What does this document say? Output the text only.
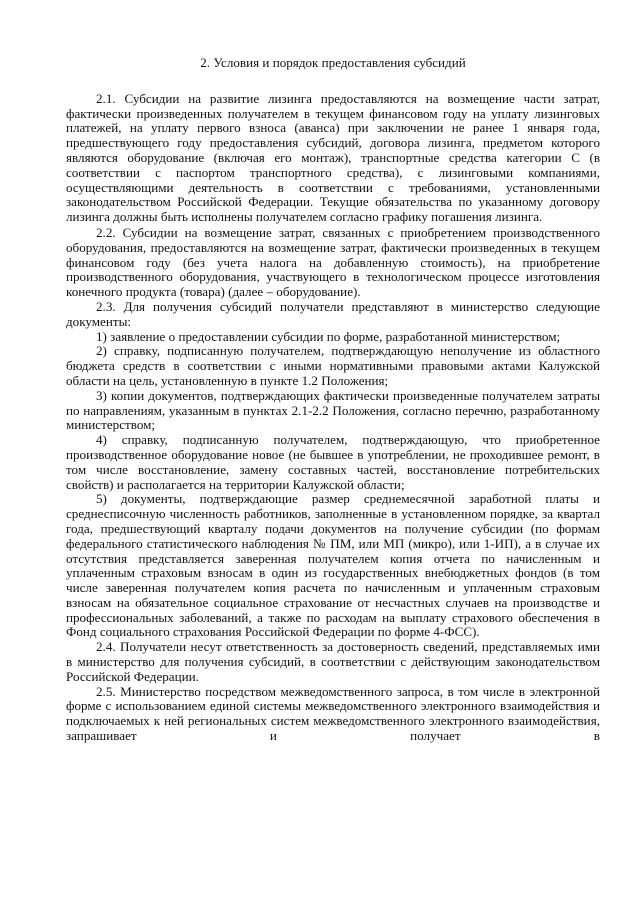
2. Условия и порядок предоставления субсидий

2.1. Субсидии на развитие лизинга предоставляются на возмещение части затрат, фактически произведенных получателем в текущем финансовом году на уплату лизинговых платежей, на уплату первого взноса (аванса) при заключении не ранее 1 января года, предшествующего году предоставления субсидий, договора лизинга, предметом которого являются оборудование (включая его монтаж), транспортные средства категории С (в соответствии с паспортом транспортного средства), с лизинговыми компаниями, осуществляющими деятельность в соответствии с требованиями, установленными законодательством Российской Федерации. Текущие обязательства по указанному договору лизинга должны быть исполнены получателем согласно графику погашения лизинга.

2.2. Субсидии на возмещение затрат, связанных с приобретением производственного оборудования, предоставляются на возмещение затрат, фактически произведенных в текущем финансовом году (без учета налога на добавленную стоимость), на приобретение производственного оборудования, участвующего в технологическом процессе изготовления конечного продукта (товара) (далее – оборудование).

2.3. Для получения субсидий получатели представляют в министерство следующие документы:

1) заявление о предоставлении субсидии по форме, разработанной министерством;

2) справку, подписанную получателем, подтверждающую неполучение из областного бюджета средств в соответствии с иными нормативными правовыми актами Калужской области на цель, установленную в пункте 1.2 Положения;

3) копии документов, подтверждающих фактически произведенные получателем затраты по направлениям, указанным в пунктах 2.1-2.2 Положения, согласно перечню, разработанному министерством;

4) справку, подписанную получателем, подтверждающую, что приобретенное производственное оборудование новое (не бывшее в употреблении, не проходившее ремонт, в том числе восстановление, замену составных частей, восстановление потребительских свойств) и располагается на территории Калужской области;

5) документы, подтверждающие размер среднемесячной заработной платы и среднесписочную численность работников, заполненные в установленном порядке, за квартал года, предшествующий кварталу подачи документов на получение субсидии (по формам федерального статистического наблюдения № ПМ, или МП (микро), или 1-ИП), а в случае их отсутствия представляется заверенная получателем копия отчета по начисленным и уплаченным страховым взносам в один из государственных внебюджетных фондов (в том числе заверенная получателем копия расчета по начисленным и уплаченным страховым взносам на обязательное социальное страхование от несчастных случаев на производстве и профессиональных заболеваний, а также по расходам на выплату страхового обеспечения в Фонд социального страхования Российской Федерации по форме 4-ФСС).

2.4. Получатели несут ответственность за достоверность сведений, представляемых ими в министерство для получения субсидий, в соответствии с действующим законодательством Российской Федерации.

2.5. Министерство посредством межведомственного запроса, в том числе в электронной форме с использованием единой системы межведомственного электронного взаимодействия и подключаемых к ней региональных систем межведомственного электронного взаимодействия, запрашивает и получает в
